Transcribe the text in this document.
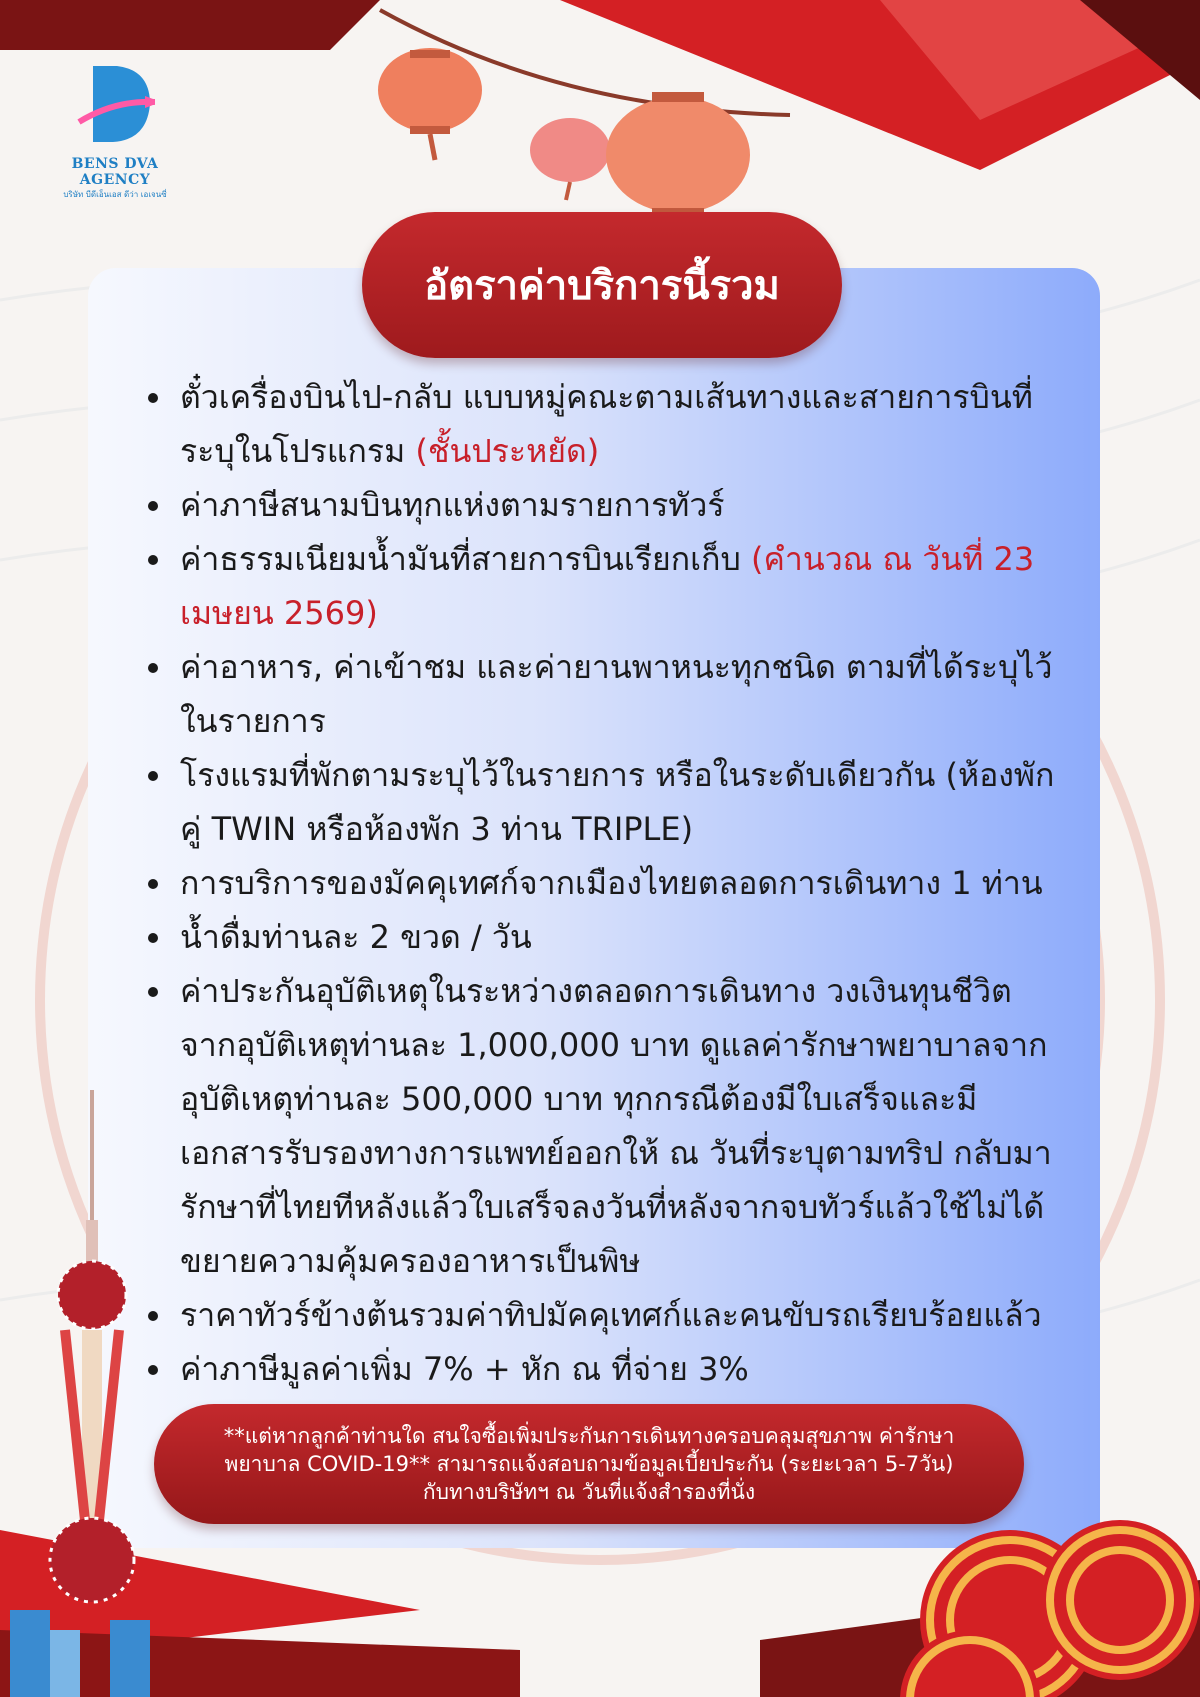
BENS DVA AGENCY
บริษัท บีดีเอ็นเอส ดีว่า เอเจนซี่
อัตราค่าบริการนี้รวม
ตั๋วเครื่องบินไป-กลับ แบบหมู่คณะตามเส้นทางและสายการบินที่ระบุในโปรแกรม (ชั้นประหยัด)
ค่าภาษีสนามบินทุกแห่งตามรายการทัวร์
ค่าธรรมเนียมน้ำมันที่สายการบินเรียกเก็บ (คำนวณ ณ วันที่ 23 เมษยน 2569)
ค่าอาหาร, ค่าเข้าชม และค่ายานพาหนะทุกชนิด ตามที่ได้ระบุไว้ในรายการ
โรงแรมที่พักตามระบุไว้ในรายการ หรือในระดับเดียวกัน (ห้องพักคู่ TWIN หรือห้องพัก 3 ท่าน TRIPLE)
การบริการของมัคคุเทศก์จากเมืองไทยตลอดการเดินทาง 1 ท่าน
น้ำดื่มท่านละ 2 ขวด / วัน
ค่าประกันอุบัติเหตุในระหว่างตลอดการเดินทาง วงเงินทุนชีวิตจากอุบัติเหตุท่านละ 1,000,000 บาท ดูแลค่ารักษาพยาบาลจากอุบัติเหตุท่านละ 500,000 บาท ทุกกรณีต้องมีใบเสร็จและมีเอกสารรับรองทางการแพทย์ออกให้ ณ วันที่ระบุตามทริป กลับมารักษาที่ไทยทีหลังแล้วใบเสร็จลงวันที่หลังจากจบทัวร์แล้วใช้ไม่ได้ ขยายความคุ้มครองอาหารเป็นพิษ
ราคาทัวร์ข้างต้นรวมค่าทิปมัคคุเทศก์และคนขับรถเรียบร้อยแล้ว
ค่าภาษีมูลค่าเพิ่ม 7% + หัก ณ ที่จ่าย 3%
**แต่หากลูกค้าท่านใด สนใจซื้อเพิ่มประกันการเดินทางครอบคลุมสุขภาพ ค่ารักษาพยาบาล COVID-19** สามารถแจ้งสอบถามข้อมูลเบี้ยประกัน (ระยะเวลา 5-7วัน) กับทางบริษัทฯ ณ วันที่แจ้งสำรองที่นั่ง
